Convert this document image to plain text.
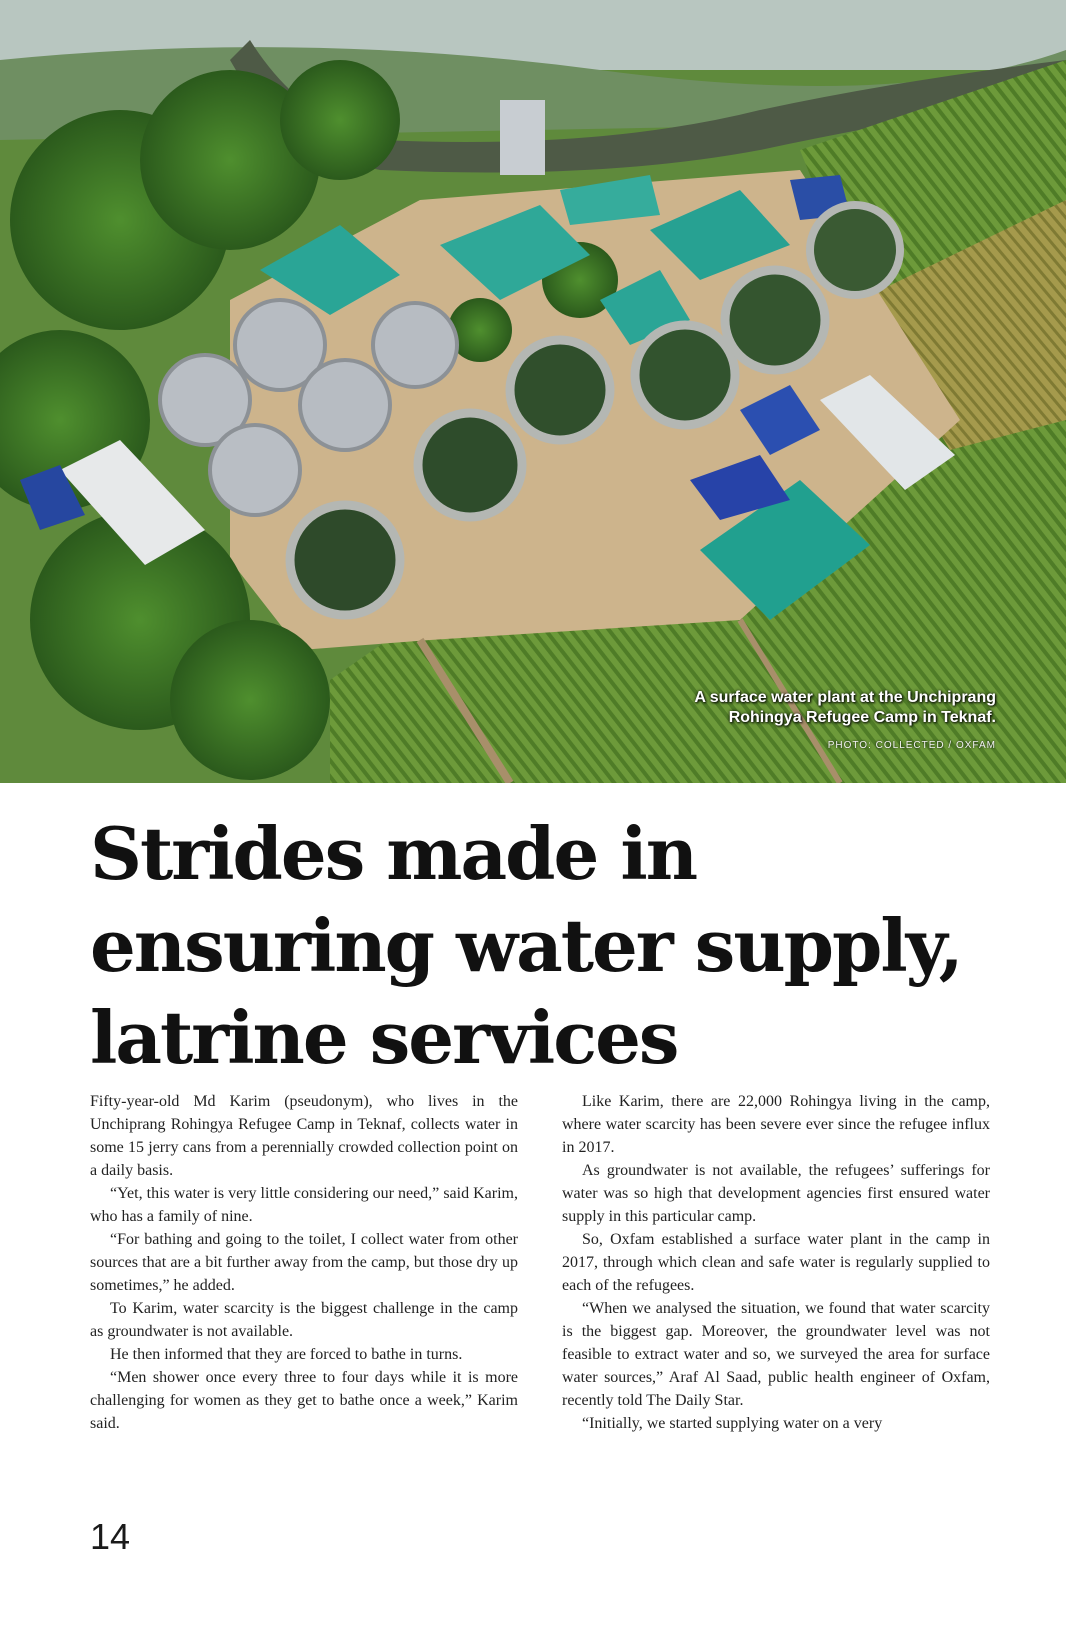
A surface water plant at the Unchiprang Rohingya Refugee Camp in Teknaf.
PHOTO: COLLECTED / OXFAM
Strides made in ensuring water supply, latrine services

Fifty-year-old Md Karim (pseudonym), who lives in the Unchiprang Rohingya Refugee Camp in Teknaf, collects water in some 15 jerry cans from a perennially crowded collection point on a daily basis.

“Yet, this water is very little considering our need,” said Karim, who has a family of nine.

“For bathing and going to the toilet, I collect water from other sources that are a bit further away from the camp, but those dry up sometimes,” he added.

To Karim, water scarcity is the biggest challenge in the camp as groundwater is not available.

He then informed that they are forced to bathe in turns.

“Men shower once every three to four days while it is more challenging for women as they get to bathe once a week,” Karim said.

Like Karim, there are 22,000 Rohingya living in the camp, where water scarcity has been severe ever since the refugee influx in 2017.

As groundwater is not available, the refugees’ sufferings for water was so high that development agencies first ensured water supply in this particular camp.

So, Oxfam established a surface water plant in the camp in 2017, through which clean and safe water is regularly supplied to each of the refugees.

“When we analysed the situation, we found that water scarcity is the biggest gap. Moreover, the groundwater level was not feasible to extract water and so, we surveyed the area for surface water sources,” Araf Al Saad, public health engineer of Oxfam, recently told The Daily Star.

“Initially, we started supplying water on a very

14
